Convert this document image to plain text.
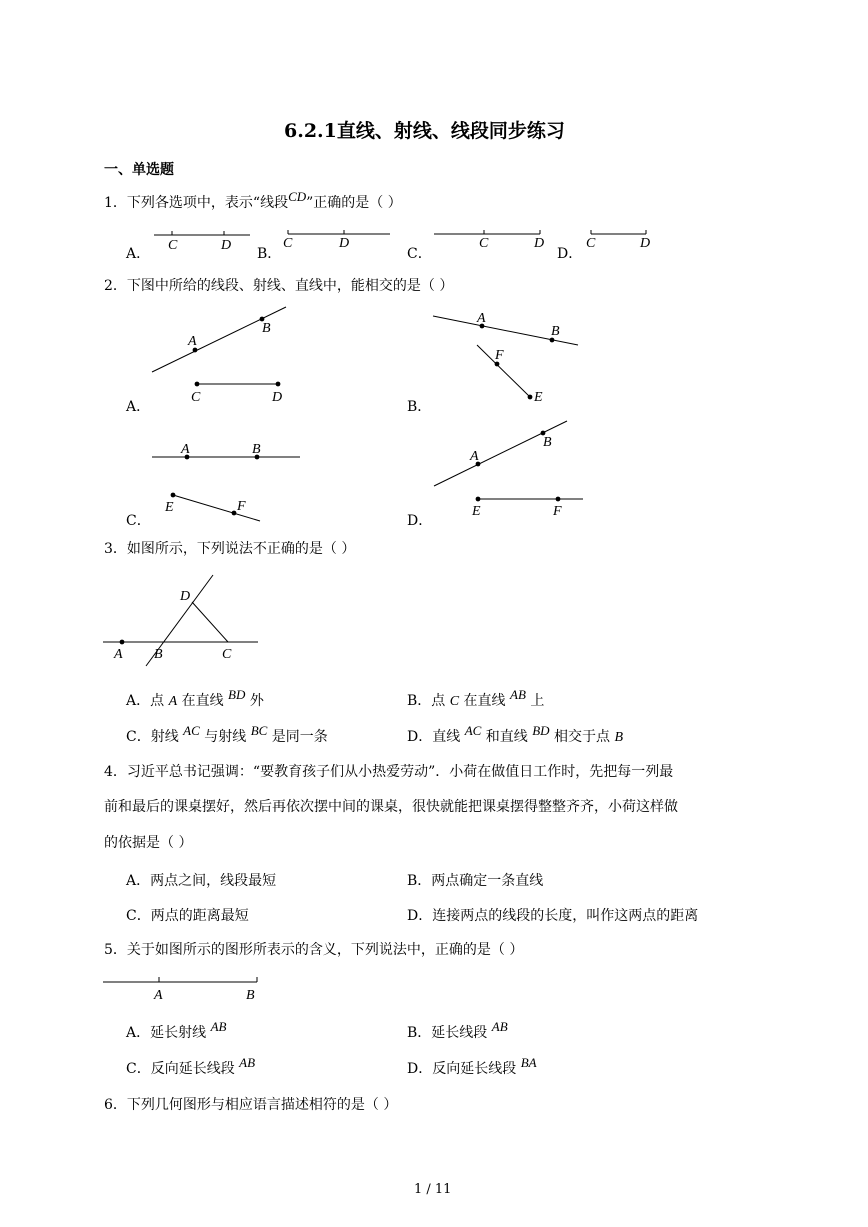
6.2.1直线、射线、线段同步练习
一、单选题
1．下列各选项中，表示“线段CD”正确的是（ ）
A．
C	D
B．
C	D
C．
C	D
D．
C	D
2．下图中所给的线段、射线、直线中，能相交的是（ ）
A．
A
B
C	D
B．
A
B
F
E
C．
A	B
E	F
D．
A
B
E	F
3．如图所示，下列说法不正确的是（ ）
A B	C
D
A．点 A 在直线 BD 外	B．点 C 在直线 AB 上
C．射线 AC 与射线 BC 是同一条	D．直线 AC 和直线 BD 相交于点 B
4．习近平总书记强调：“要教育孩子们从小热爱劳动”．小荷在做值日工作时，先把每一列最
前和最后的课桌摆好，然后再依次摆中间的课桌，很快就能把课桌摆得整整齐齐，小荷这样做
的依据是（ ）
A．两点之间，线段最短	B．两点确定一条直线
C．两点的距离最短	D．连接两点的线段的长度，叫作这两点的距离
5．关于如图所示的图形所表示的含义，下列说法中，正确的是（ ）
A	B
A．延长射线 AB	B．延长线段 AB
C．反向延长线段 AB	D．反向延长线段 BA
6．下列几何图形与相应语言描述相符的是（ ）
1 / 11
